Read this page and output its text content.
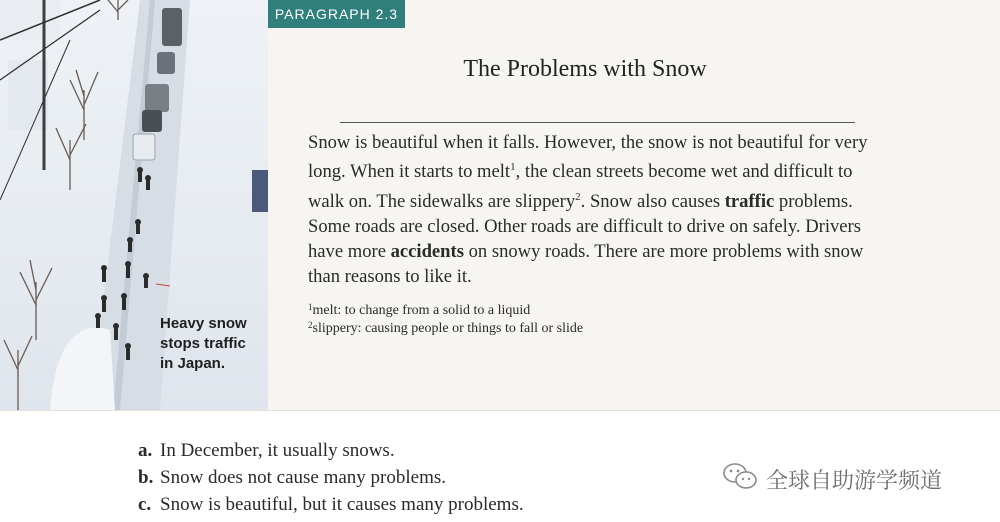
Heavy snow
stops traffic
in Japan.
PARAGRAPH 2.3
The Problems with Snow

Snow is beautiful when it falls. However, the snow is not beautiful for very long. When it starts to melt$^1$, the clean streets become wet and difficult to walk on. The sidewalks are slippery$^2$. Snow also causes traffic problems. Some roads are closed. Other roads are difficult to drive on safely. Drivers have more accidents on snowy roads. There are more problems with snow than reasons to like it.

$^1$melt: to change from a solid to a liquid
$^2$slippery: causing people or things to fall or slide
a. In December, it usually snows.
b. Snow does not cause many problems.
c. Snow is beautiful, but it causes many problems.
全球自助游学频道
